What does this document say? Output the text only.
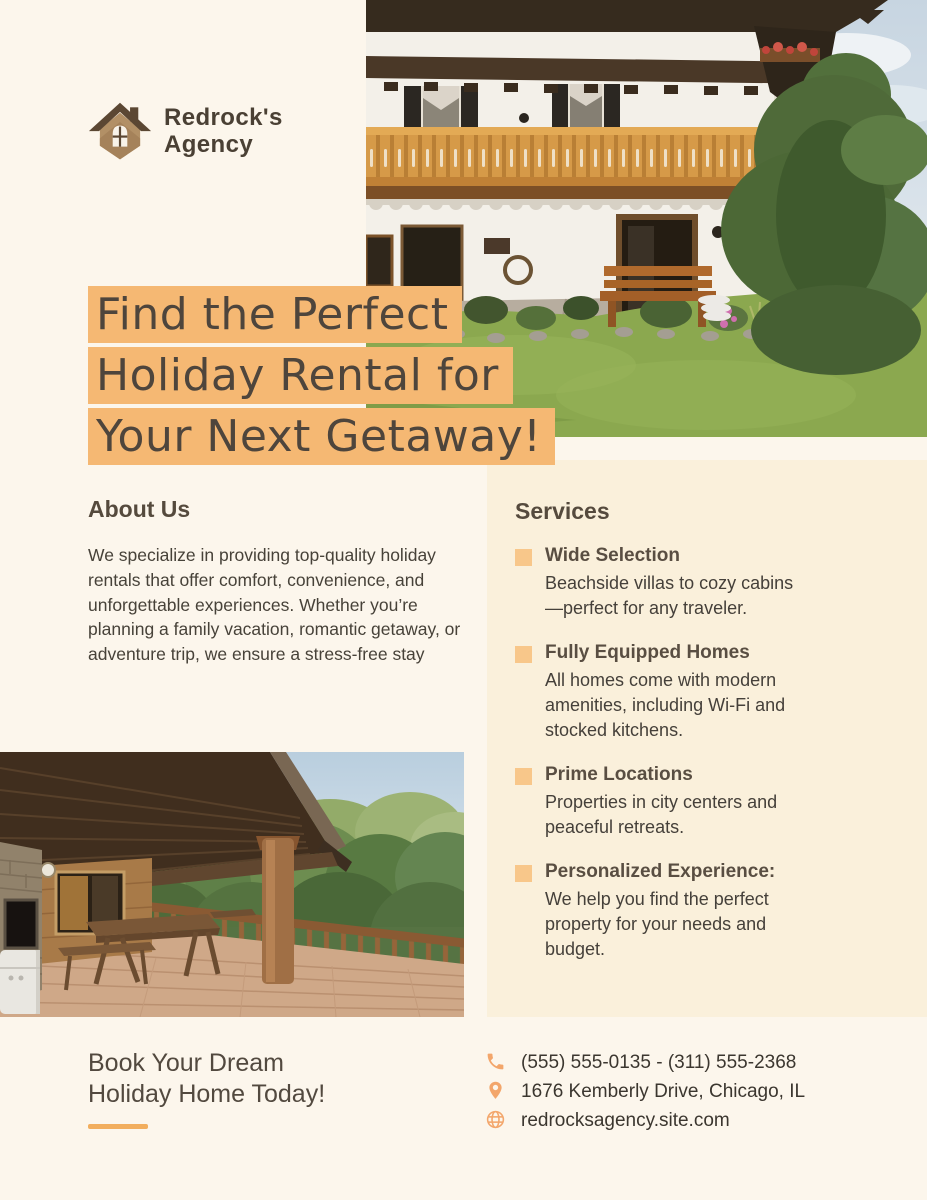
Services
Wide Selection
Beachside villas to cozy cabins—perfect for any traveler.
Fully Equipped Homes
All homes come with modern amenities, including Wi-Fi and stocked kitchens.
Prime Locations
Properties in city centers and peaceful retreats.
Personalized Experience:
We help you find the perfect property for your needs and budget.
Redrock's
Agency
Find the Perfect
Holiday Rental for
Your Next Getaway!
About Us

We specialize in providing top-quality holiday rentals that offer comfort, convenience, and unforgettable experiences. Whether you’re planning a family vacation, romantic getaway, or adventure trip, we ensure a stress-free stay

Book Your Dream
Holiday Home Today!
(555) 555-0135 - (311) 555-2368
1676 Kemberly Drive, Chicago, IL
redrocksagency.site.com
